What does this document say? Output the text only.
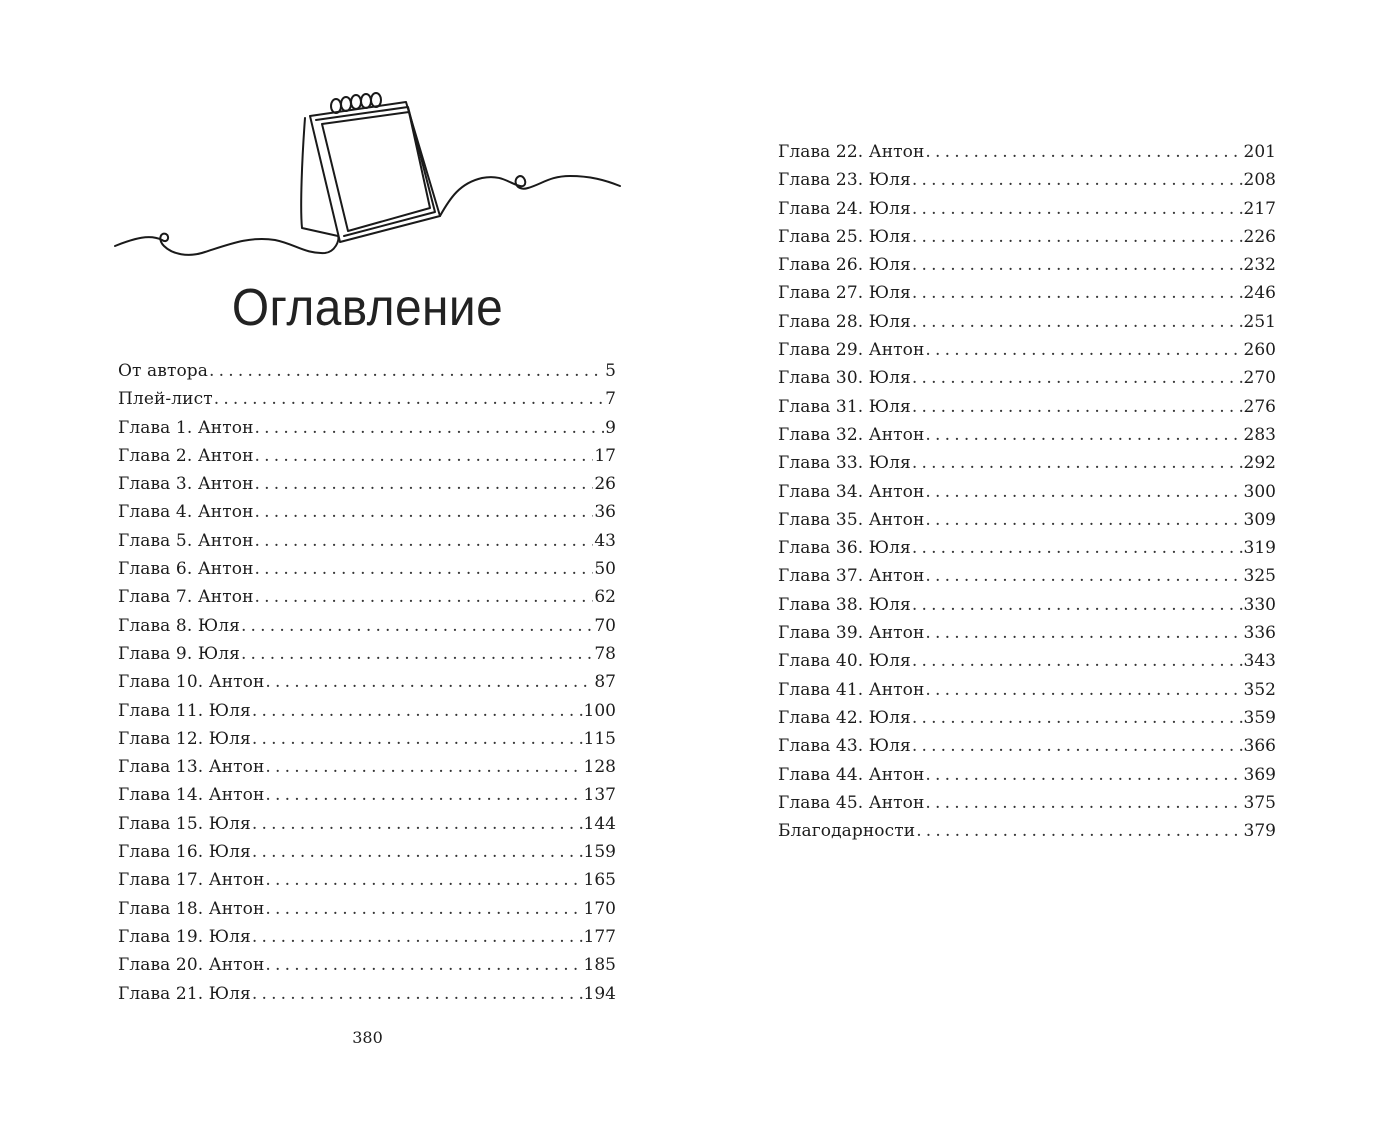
Оглавление
От автора . . .	5
Плей-лист . . .	7
Глава 1. Антон . . .	9
Глава 2. Антон . . .	17
Глава 3. Антон . . .	26
Глава 4. Антон . . .	36
Глава 5. Антон . . .	43
Глава 6. Антон . . .	50
Глава 7. Антон . . .	62
Глава 8. Юля . . .	70
Глава 9. Юля . . .	78
Глава 10. Антон . . .	87
Глава 11. Юля . . .	100
Глава 12. Юля . . .	115
Глава 13. Антон . . .	128
Глава 14. Антон . . .	137
Глава 15. Юля . . .	144
Глава 16. Юля . . .	159
Глава 17. Антон . . .	165
Глава 18. Антон . . .	170
Глава 19. Юля . . .	177
Глава 20. Антон . . .	185
Глава 21. Юля . . .	194
380
Глава 22. Антон . . .	201
Глава 23. Юля . . .	208
Глава 24. Юля . . .	217
Глава 25. Юля . . .	226
Глава 26. Юля . . .	232
Глава 27. Юля . . .	246
Глава 28. Юля . . .	251
Глава 29. Антон . . .	260
Глава 30. Юля . . .	270
Глава 31. Юля . . .	276
Глава 32. Антон . . .	283
Глава 33. Юля . . .	292
Глава 34. Антон . . .	300
Глава 35. Антон . . .	309
Глава 36. Юля . . .	319
Глава 37. Антон . . .	325
Глава 38. Юля . . .	330
Глава 39. Антон . . .	336
Глава 40. Юля . . .	343
Глава 41. Антон . . .	352
Глава 42. Юля . . .	359
Глава 43. Юля . . .	366
Глава 44. Антон . . .	369
Глава 45. Антон . . .	375
Благодарности . . .	379
